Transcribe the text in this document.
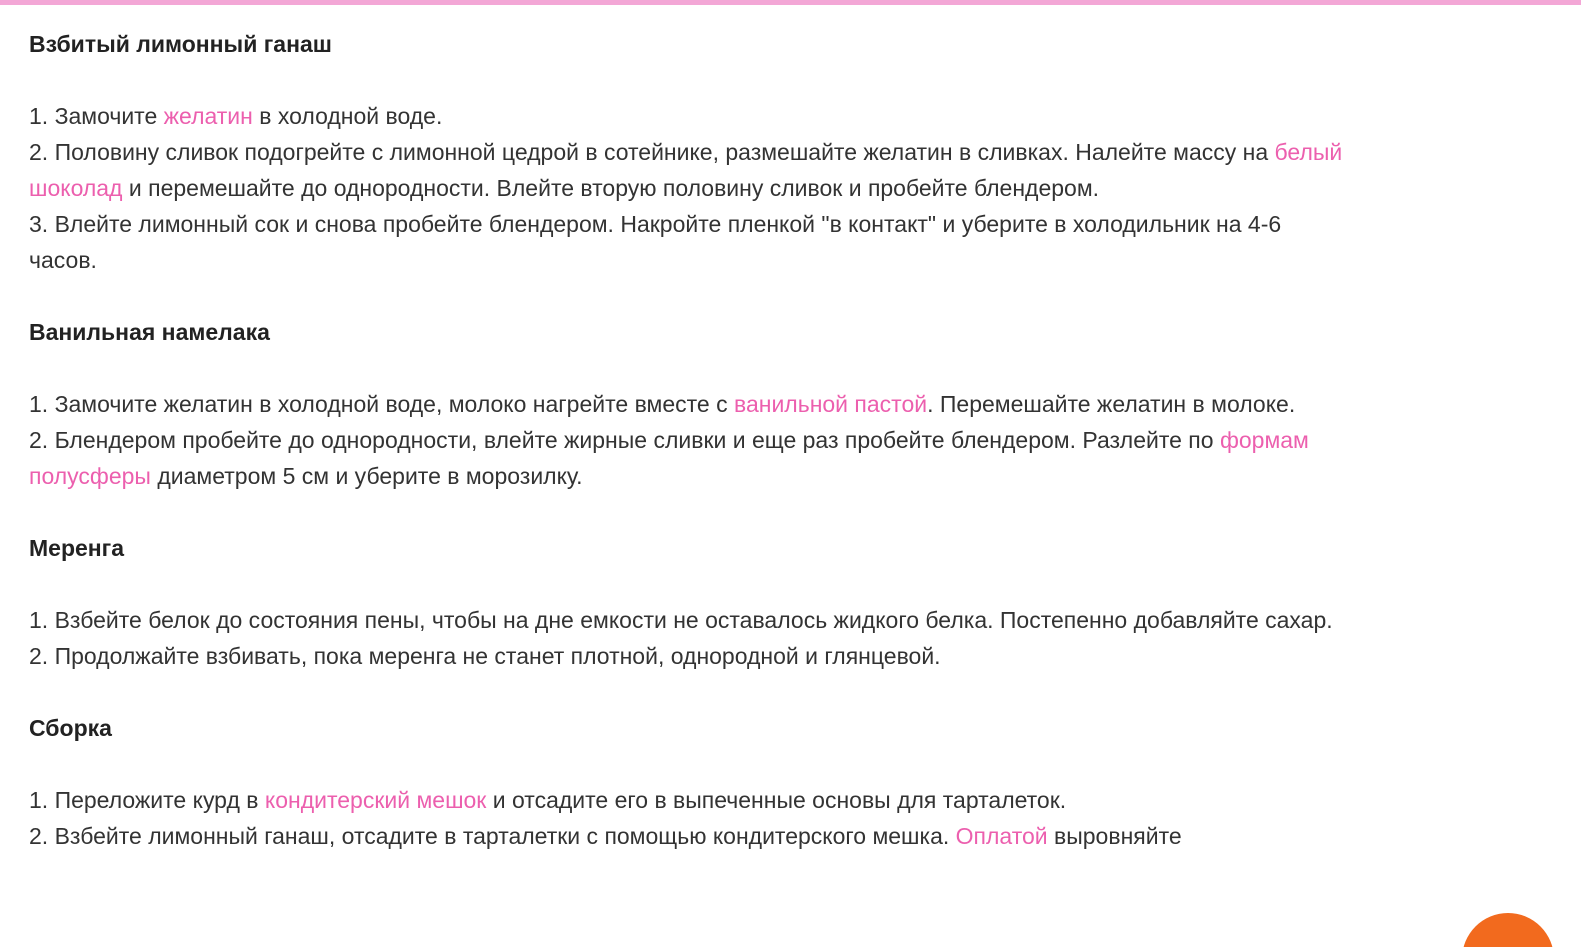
Взбитый лимонный ганаш

1. Замочите желатин в холодной воде.

2. Половину сливок подогрейте с лимонной цедрой в сотейнике, размешайте желатин в сливках. Налейте массу на белый шоколад и перемешайте до однородности. Влейте вторую половину сливок и пробейте блендером.

3. Влейте лимонный сок и снова пробейте блендером. Накройте пленкой "в контакт" и уберите в холодильник на 4-6 часов.

Ванильная намелака

1. Замочите желатин в холодной воде, молоко нагрейте вместе с ванильной пастой. Перемешайте желатин в молоке.

2. Блендером пробейте до однородности, влейте жирные сливки и еще раз пробейте блендером. Разлейте по формам полусферы диаметром 5 см и уберите в морозилку.

Меренга

1. Взбейте белок до состояния пены, чтобы на дне емкости не оставалось жидкого белка. Постепенно добавляйте сахар.

2. Продолжайте взбивать, пока меренга не станет плотной, однородной и глянцевой.

Сборка

1. Переложите курд в кондитерский мешок и отсадите его в выпеченные основы для тарталеток.

2. Взбейте лимонный ганаш, отсадите в тарталетки с помощью кондитерского мешка. Оплатой выровняйте
